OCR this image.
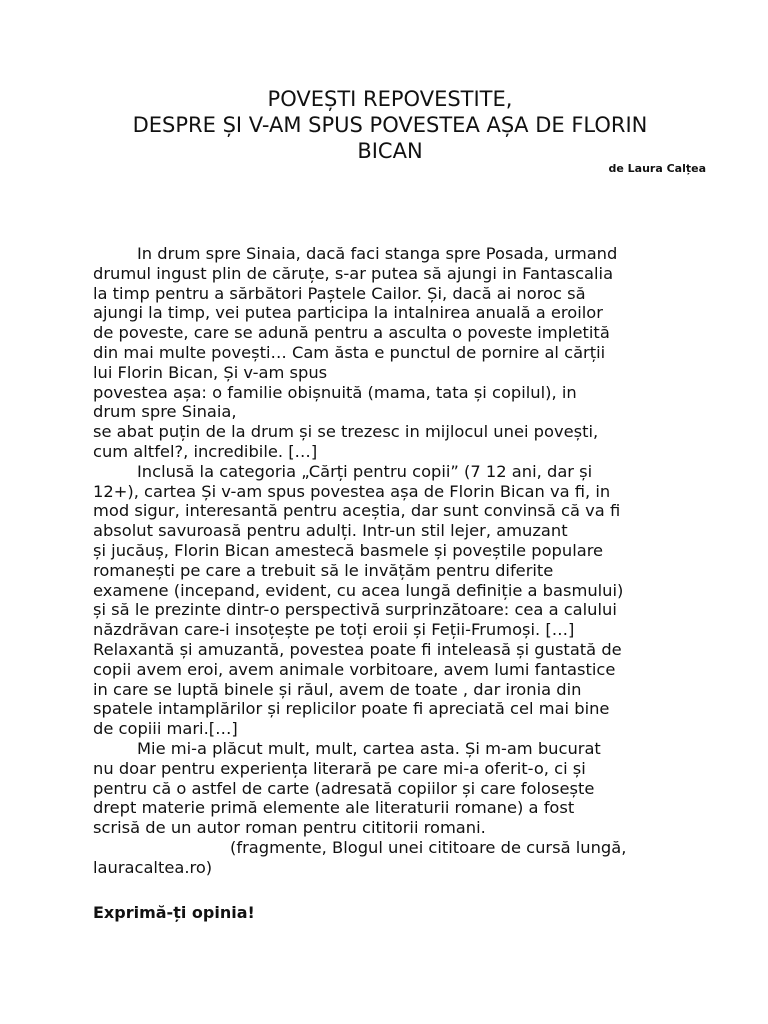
POVEȘTI REPOVESTITE,
DESPRE ȘI V-AM SPUS POVESTEA AȘA DE FLORIN
BICAN
de Laura Calțea
In drum spre Sinaia, dacă faci stanga spre Posada, urmand
drumul ingust plin de căruțe, s-ar putea să ajungi in Fantascalia
la timp pentru a sărbători Paștele Cailor. Și, dacă ai noroc să
ajungi la timp, vei putea participa la intalnirea anuală a eroilor
de poveste, care se adună pentru a asculta o poveste impletită
din mai multe povești… Cam ăsta e punctul de pornire al cărții
lui Florin Bican, Și v-am spus
povestea așa: o familie obișnuită (mama, tata și copilul), in
drum spre Sinaia,
se abat puțin de la drum și se trezesc in mijlocul unei povești,
cum altfel?, incredibile. […]
Inclusă la categoria „Cărți pentru copii” (7 12 ani, dar și
12+), cartea Și v-am spus povestea așa de Florin Bican va fi, in
mod sigur, interesantă pentru aceștia, dar sunt convinsă că va fi
absolut savuroasă pentru adulți. Intr-un stil lejer, amuzant
și jucăuș, Florin Bican amestecă basmele și poveștile populare
romanești pe care a trebuit să le invățăm pentru diferite
examene (incepand, evident, cu acea lungă definiție a basmului)
și să le prezinte dintr-o perspectivă surprinzătoare: cea a calului
năzdrăvan care-i insoțește pe toți eroii și Feții-Frumoși. […]
Relaxantă și amuzantă, povestea poate fi inteleasă și gustată de
copii avem eroi, avem animale vorbitoare, avem lumi fantastice
in care se luptă binele și răul, avem de toate , dar ironia din
spatele intamplărilor și replicilor poate fi apreciată cel mai bine
de copiii mari.[…]
Mie mi-a plăcut mult, mult, cartea asta. Și m-am bucurat
nu doar pentru experiența literară pe care mi-a oferit-o, ci și
pentru că o astfel de carte (adresată copiilor și care folosește
drept materie primă elemente ale literaturii romane) a fost
scrisă de un autor roman pentru cititorii romani.
(fragmente, Blogul unei cititoare de cursă lungă,
lauracaltea.ro)
Exprimă-ți opinia!
